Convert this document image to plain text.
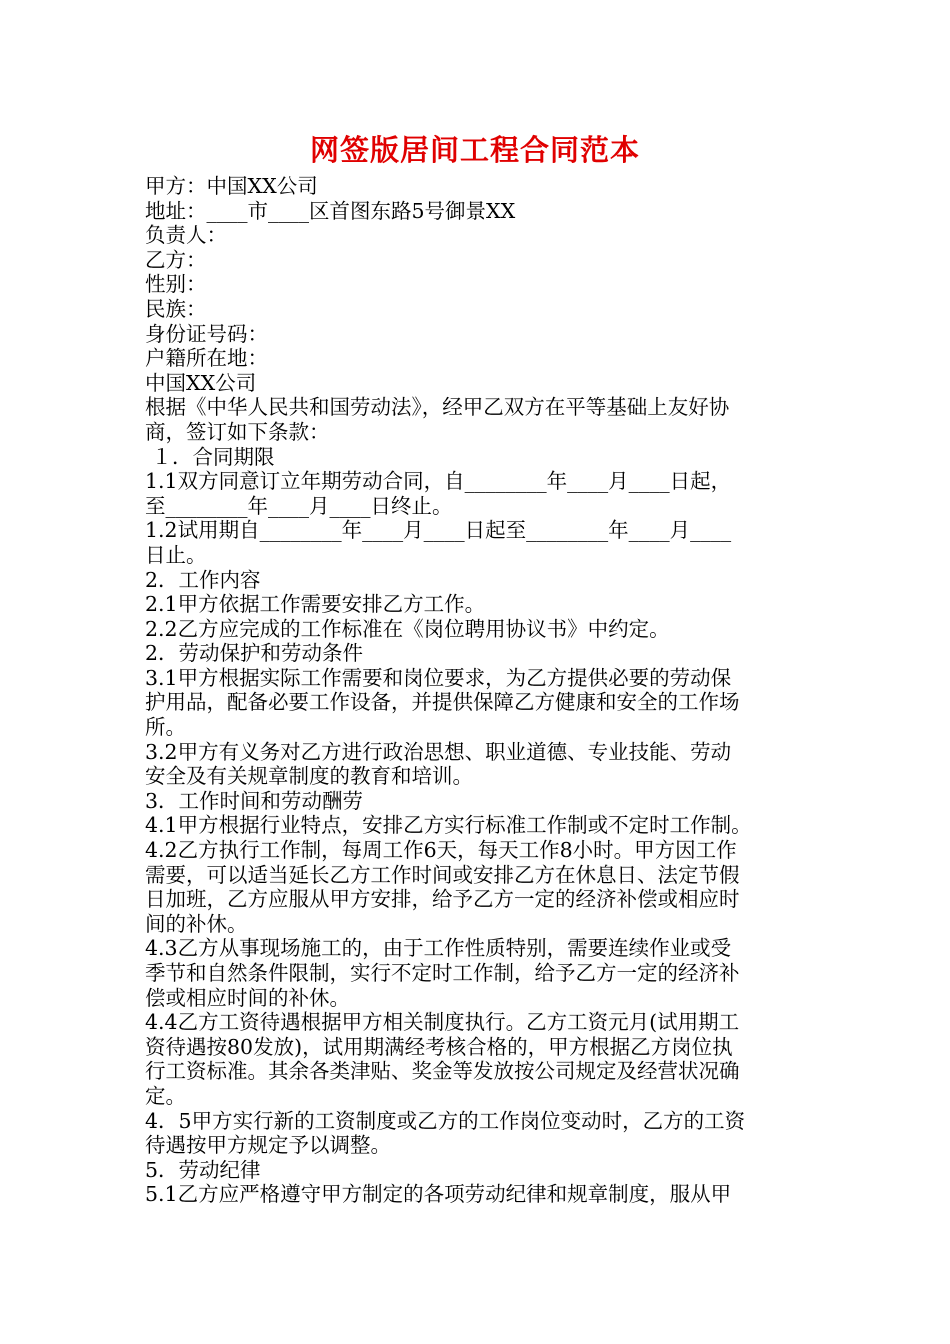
网签版居间工程合同范本
甲方：中国XX公司
地址：____市____区首图东路5号御景XX
负责人：
乙方：
性别：
民族：
身份证号码：
户籍所在地：
中国XX公司
根据《中华人民共和国劳动法》，经甲乙双方在平等基础上友好协
商，签订如下条款：
１．合同期限
1.1双方同意订立年期劳动合同，自________年____月____日起，
至________年____月____日终止。
1.2试用期自________年____月____日起至________年____月____
日止。
2．工作内容
2.1甲方依据工作需要安排乙方工作。
2.2乙方应完成的工作标准在《岗位聘用协议书》中约定。
2．劳动保护和劳动条件
3.1甲方根据实际工作需要和岗位要求，为乙方提供必要的劳动保
护用品，配备必要工作设备，并提供保障乙方健康和安全的工作场
所。
3.2甲方有义务对乙方进行政治思想、职业道德、专业技能、劳动
安全及有关规章制度的教育和培训。
3．工作时间和劳动酬劳
4.1甲方根据行业特点，安排乙方实行标准工作制或不定时工作制。
4.2乙方执行工作制，每周工作6天，每天工作8小时。甲方因工作
需要，可以适当延长乙方工作时间或安排乙方在休息日、法定节假
日加班，乙方应服从甲方安排，给予乙方一定的经济补偿或相应时
间的补休。
4.3乙方从事现场施工的，由于工作性质特别，需要连续作业或受
季节和自然条件限制，实行不定时工作制，给予乙方一定的经济补
偿或相应时间的补休。
4.4乙方工资待遇根据甲方相关制度执行。乙方工资元月(试用期工
资待遇按80发放)，试用期满经考核合格的，甲方根据乙方岗位执
行工资标准。其余各类津贴、奖金等发放按公司规定及经营状况确
定。
4．5甲方实行新的工资制度或乙方的工作岗位变动时，乙方的工资
待遇按甲方规定予以调整。
5．劳动纪律
5.1乙方应严格遵守甲方制定的各项劳动纪律和规章制度，服从甲
